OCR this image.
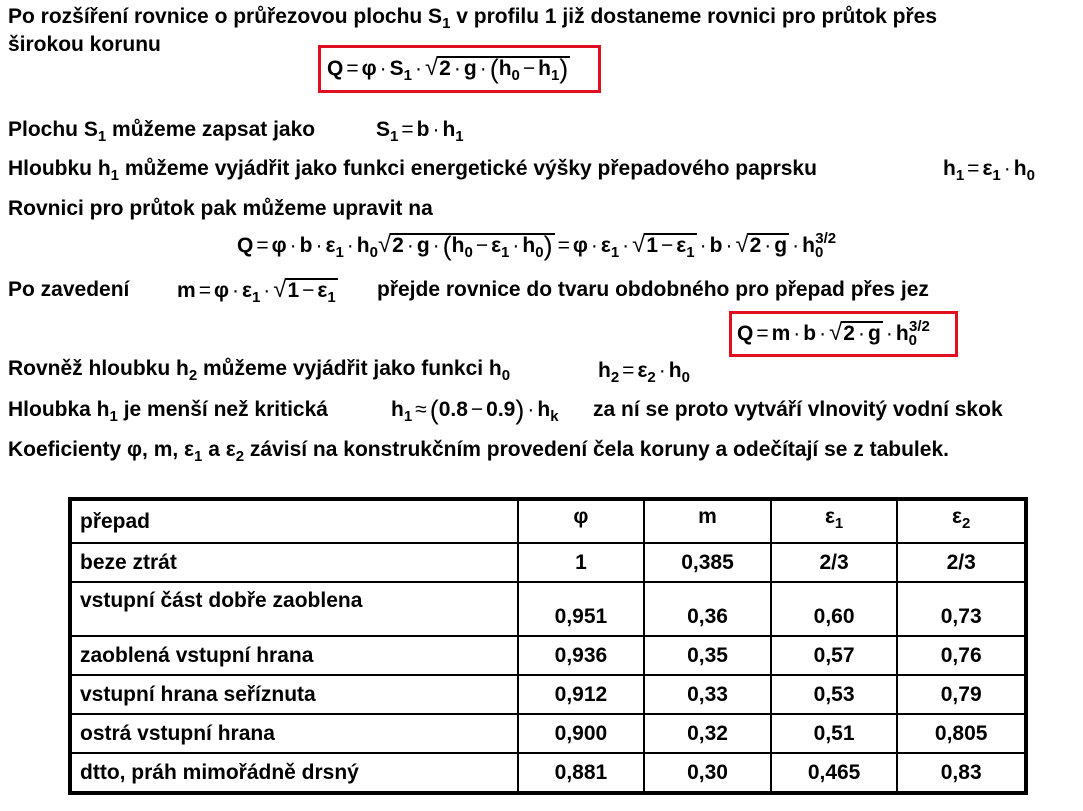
Po rozšíření rovnice o průřezovou plochu $S_1$ v profilu 1 již dostaneme rovnici pro průtok přes
širokou korunu
$Q = \varphi \cdot S_1 \cdot √2 \cdot g \cdot (h_0 - h_1)$
Plochu $S_1$ můžeme zapsat jako	$S_1 = b \cdot h_1$
Hloubku $h_1$ můžeme vyjádřit jako funkci energetické výšky přepadového paprsku	$h_1 = \varepsilon_1 \cdot h_0$
Rovnici pro průtok pak můžeme upravit na
$Q = \varphi \cdot b \cdot \varepsilon_1 \cdot h_0√2 \cdot g \cdot (h_0 - \varepsilon_1 \cdot h_0) = \varphi \cdot \varepsilon_1 \cdot √1 - \varepsilon_1 \cdot b \cdot √2 \cdot g \cdot h_0^{3/2}$
Po zavedení $m = \varphi \cdot \varepsilon_1 \cdot √1 - \varepsilon_1$ přejde rovnice do tvaru obdobného pro přepad přes jez
$Q = m \cdot b \cdot √2 \cdot g \cdot h_0^{3/2}$
Rovněž hloubku $h_2$ můžeme vyjádřit jako funkci $h_0$	$h_2 = \varepsilon_2 \cdot h_0$
Hloubka $h_1$ je menší než kritická	$h_1 \approx (0.8 - 0.9) \cdot h_k$ za ní se proto vytváří vlnovitý vodní skok
Koeficienty φ, m, $\varepsilon_1$ a $\varepsilon_2$ závisí na konstrukčním provedení čela koruny a odečítají se z tabulek.
přepad	φ	m	$\varepsilon_1$	$\varepsilon_2$
beze ztrát	1	0,385	2/3	2/3
vstupní část dobře zaoblena	0,951	0,36	0,60	0,73
zaoblená vstupní hrana	0,936	0,35	0,57	0,76
vstupní hrana seříznuta	0,912	0,33	0,53	0,79
ostrá vstupní hrana	0,900	0,32	0,51	0,805
dtto, práh mimořádně drsný	0,881	0,30	0,465	0,83
